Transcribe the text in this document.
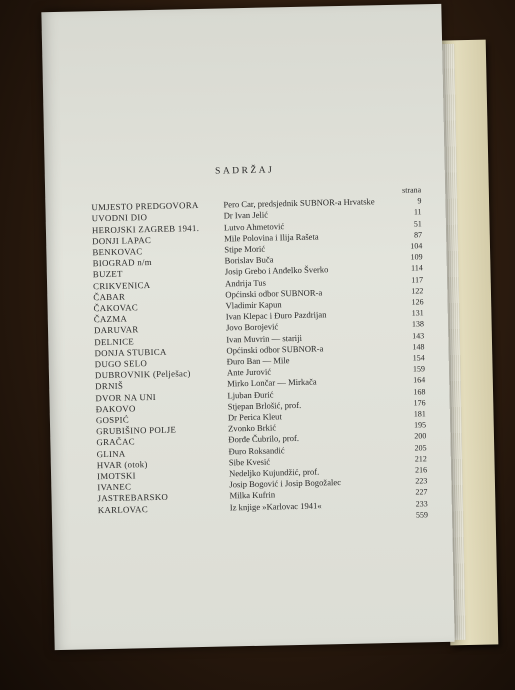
SADRŽAJ
		strana
UMJESTO PREDGOVORA	Pero Car, predsjednik SUBNOR-a Hrvatske	9
UVODNI DIO	Dr Ivan Jelić	11
HEROJSKI ZAGREB 1941.	Lutvo Ahmetović	51
DONJI LAPAC	Mile Polovina i Ilija Rašeta	87
BENKOVAC	Stipe Morić	104
BIOGRAD n/m	Borislav Buča	109
BUZET	Josip Grebo i Anđelko Šverko	114
CRIKVENICA	Andrija Tus	117
ČABAR	Općinski odbor SUBNOR-a	122
ČAKOVAC	Vladimir Kapun	126
ČAZMA	Ivan Klepac i Đuro Pazdrijan	131
DARUVAR	Jovo Borojević	138
DELNICE	Ivan Muvrin — stariji	143
DONJA STUBICA	Općinski odbor SUBNOR-a	148
DUGO SELO	Đuro Ban — Mile	154
DUBROVNIK (Pelješac)	Ante Jurović	159
DRNIŠ	Mirko Lončar — Mirkača	164
DVOR NA UNI	Ljuban Đurić	168
ĐAKOVO	Stjepan Brlošić, prof.	176
GOSPIĆ	Dr Perica Kleut	181
GRUBIŠINO POLJE	Zvonko Brkić	195
GRAČAC	Đorđe Čubrilo, prof.	200
GLINA	Đuro Roksandić	205
HVAR (otok)	Sibe Kvesić	212
IMOTSKI	Nedeljko Kujundžić, prof.	216
IVANEC	Josip Bogović i Josip Bogožalec	223
JASTREBARSKO	Milka Kufrin	227
KARLOVAC	Iz knjige »Karlovac 1941«	233
		559
